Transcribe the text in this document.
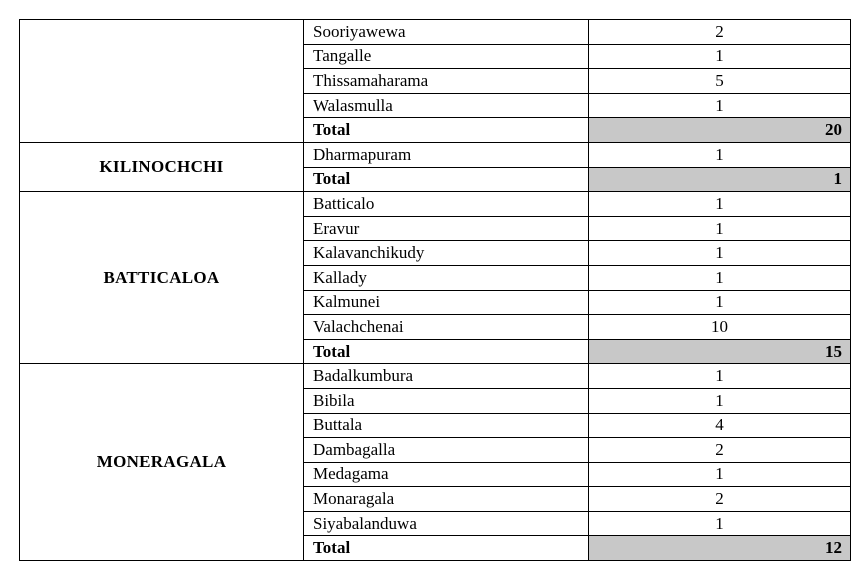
	Sooriyawewa	2
	Tangalle	1
	Thissamaharama	5
	Walasmulla	1
	Total	20
KILINOCHCHI	Dharmapuram	1
	Total	1
BATTICALOA	Batticalo	1
	Eravur	1
	Kalavanchikudy	1
	Kallady	1
	Kalmunei	1
	Valachchenai	10
	Total	15
MONERAGALA	Badalkumbura	1
	Bibila	1
	Buttala	4
	Dambagalla	2
	Medagama	1
	Monaragala	2
	Siyabalanduwa	1
	Total	12
